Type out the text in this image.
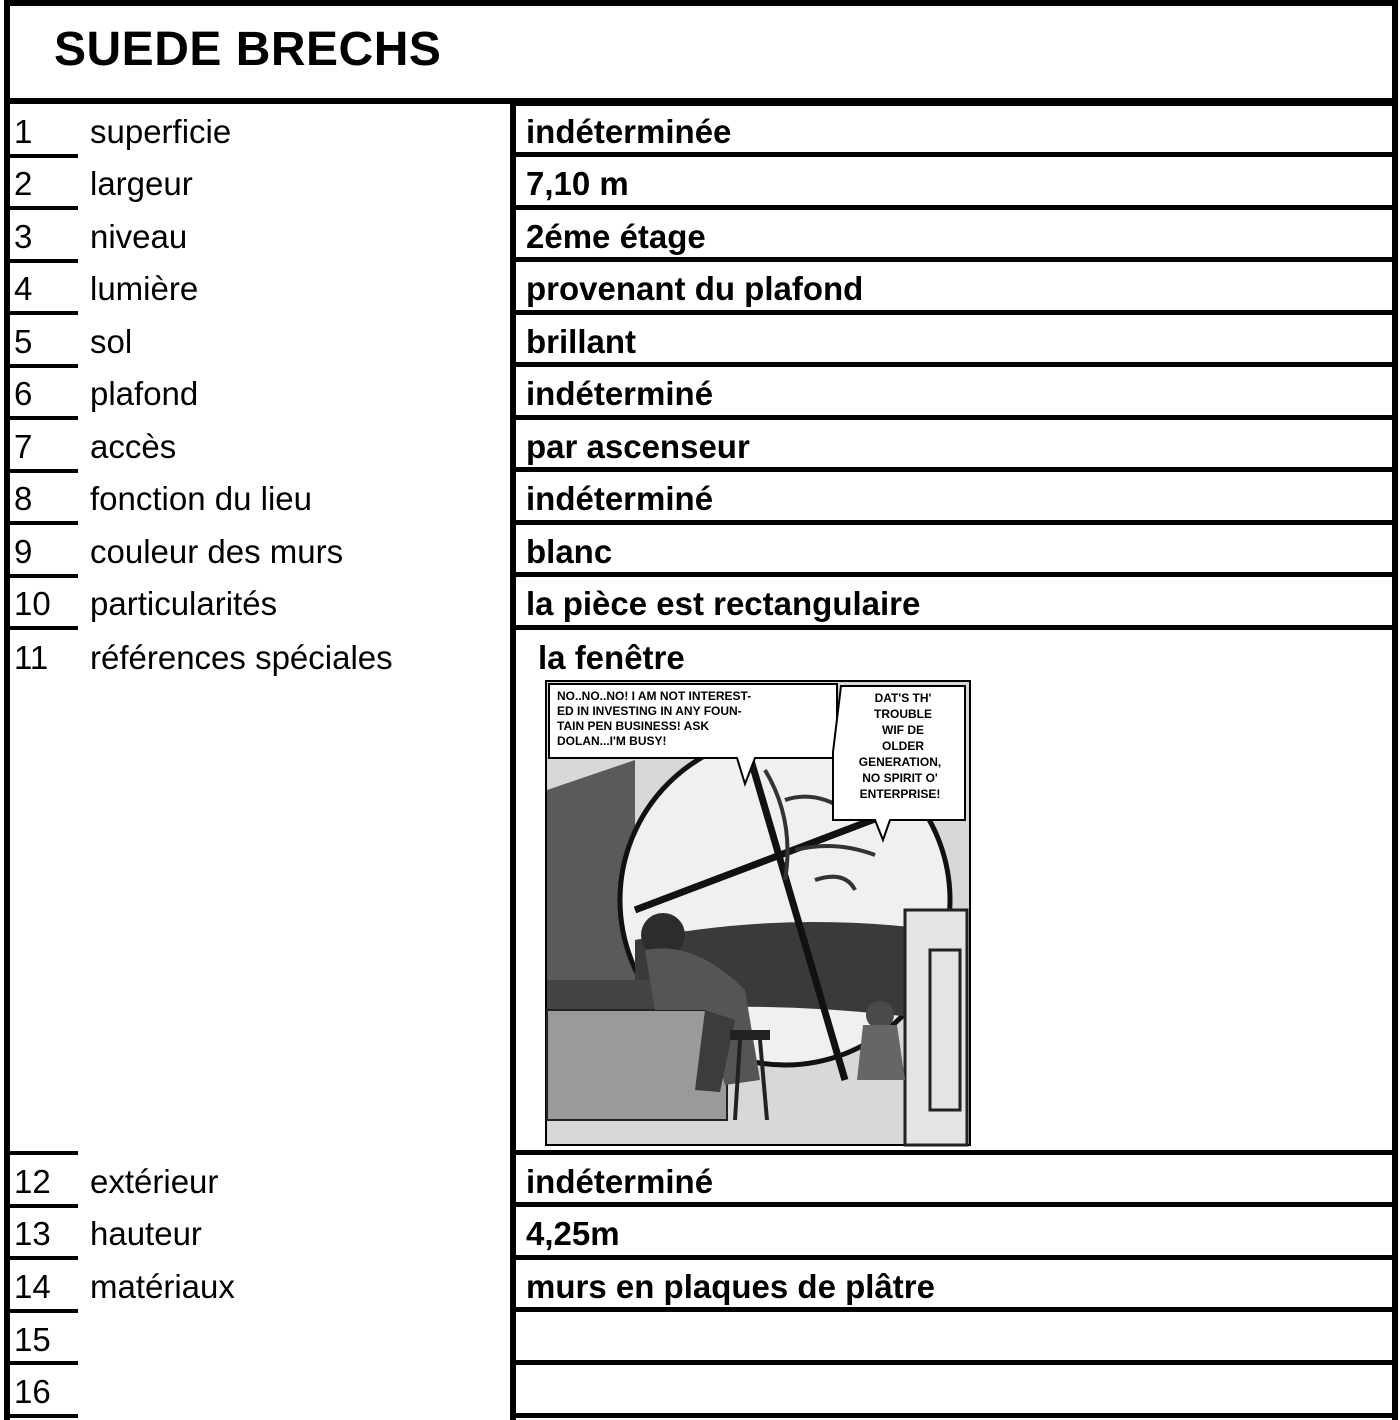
SUEDE BRECHS
1 superficie	indéterminée
2 largeur	7,10 m
3 niveau	2éme étage
4 lumière	provenant du plafond
5 sol	brillant
6 plafond	indéterminé
7 accès	par ascenseur
8 fonction du lieu	indéterminé
9 couleur des murs	blanc
10 particularités	la pièce est rectangulaire
11 références spéciales	la fenêtre
12 extérieur	indéterminé
13 hauteur	4,25m
14 matériaux	murs en plaques de plâtre
15
16
NO..NO..NO! I AM NOT INTEREST-
ED IN INVESTING IN ANY FOUN-
TAIN PEN BUSINESS! ASK
DOLAN...I'M BUSY!
DAT'S TH'
TROUBLE
WIF DE
OLDER
GENERATION,
NO SPIRIT O'
ENTERPRISE!
